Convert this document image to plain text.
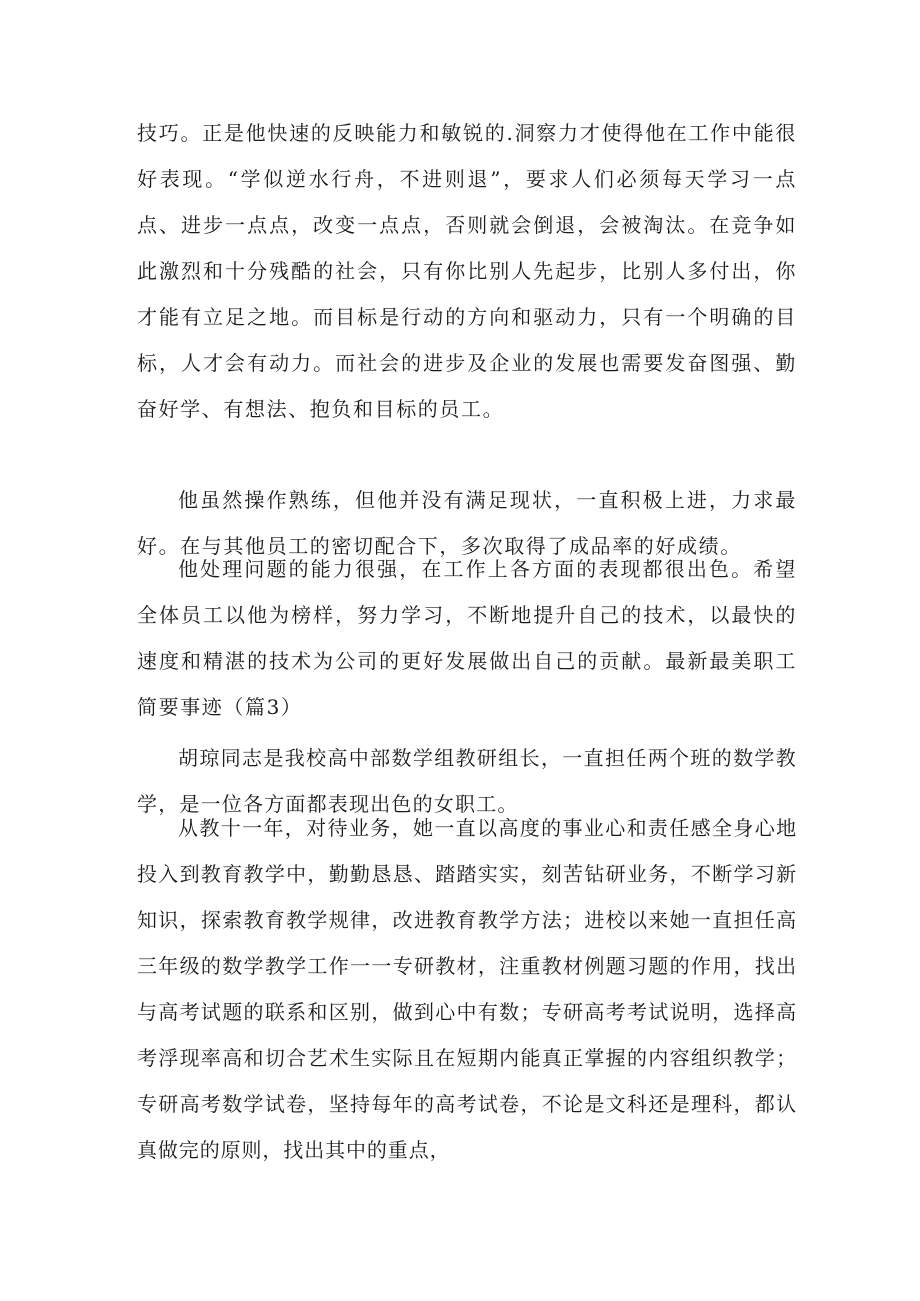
技巧。正是他快速的反映能力和敏锐的.洞察力才使得他在工作中能很好表现。“学似逆水行舟，不进则退”，要求人们必须每天学习一点点、进步一点点，改变一点点，否则就会倒退，会被淘汰。在竞争如此激烈和十分残酷的社会，只有你比别人先起步，比别人多付出，你才能有立足之地。而目标是行动的方向和驱动力，只有一个明确的目标，人才会有动力。而社会的进步及企业的发展也需要发奋图强、勤奋好学、有想法、抱负和目标的员工。

他虽然操作熟练，但他并没有满足现状，一直积极上进，力求最好。在与其他员工的密切配合下，多次取得了成品率的好成绩。

他处理问题的能力很强，在工作上各方面的表现都很出色。希望全体员工以他为榜样，努力学习，不断地提升自己的技术，以最快的速度和精湛的技术为公司的更好发展做出自己的贡献。最新最美职工简要事迹（篇3）

胡琼同志是我校高中部数学组教研组长，一直担任两个班的数学教学，是一位各方面都表现出色的女职工。

从教十一年，对待业务，她一直以高度的事业心和责任感全身心地投入到教育教学中，勤勤恳恳、踏踏实实，刻苦钻研业务，不断学习新知识，探索教育教学规律，改进教育教学方法；进校以来她一直担任高三年级的数学教学工作一一专研教材，注重教材例题习题的作用，找出与高考试题的联系和区别，做到心中有数；专研高考考试说明，选择高考浮现率高和切合艺术生实际且在短期内能真正掌握的内容组织教学；专研高考数学试卷，坚持每年的高考试卷，不论是文科还是理科，都认真做完的原则，找出其中的重点，
